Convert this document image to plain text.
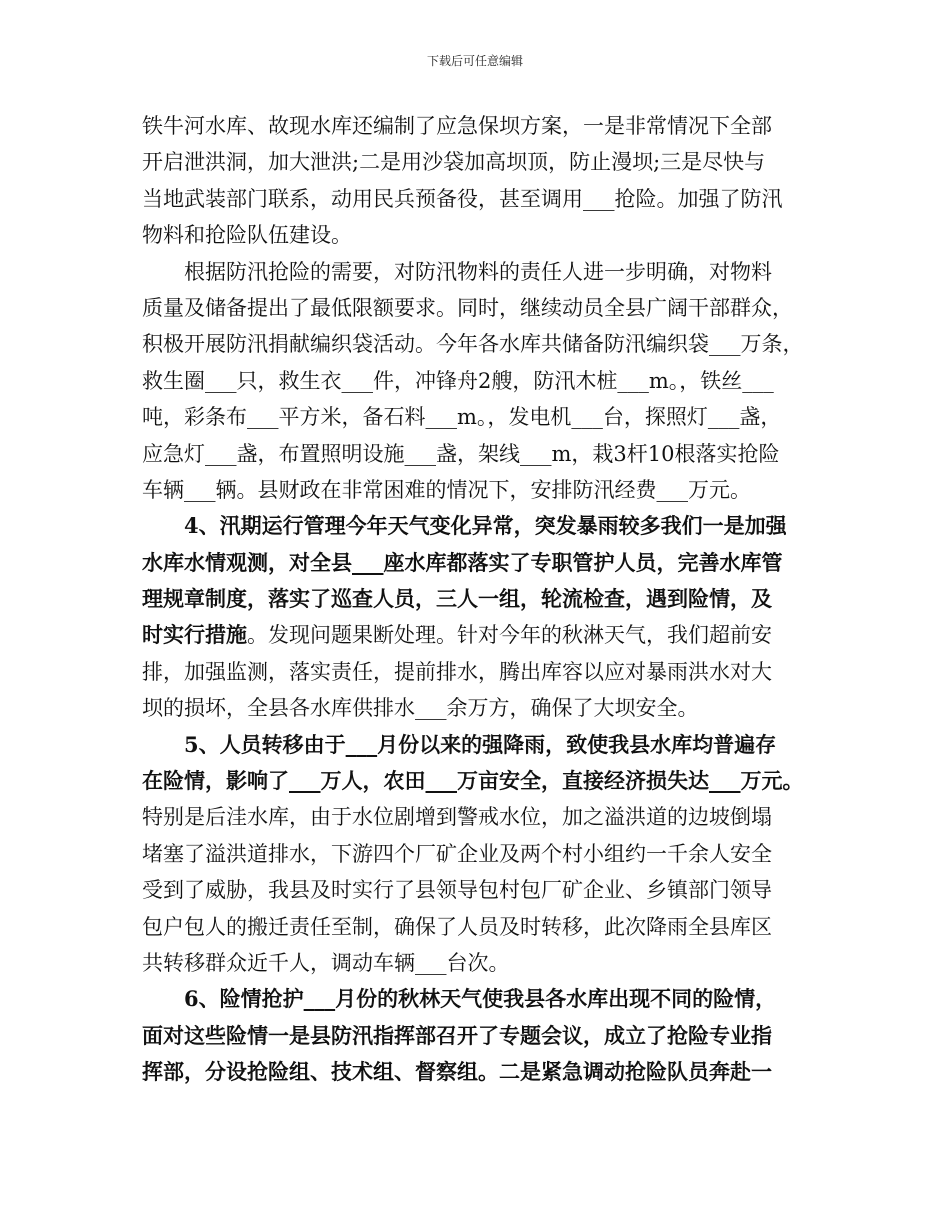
下载后可任意编辑
铁牛河水库、故现水库还编制了应急保坝方案，一是非常情况下全部
开启泄洪洞，加大泄洪;二是用沙袋加高坝顶，防止漫坝;三是尽快与
当地武装部门联系，动用民兵预备役，甚至调用___抢险。加强了防汛
物料和抢险队伍建设。
　　根据防汛抢险的需要，对防汛物料的责任人进一步明确，对物料
质量及储备提出了最低限额要求。同时，继续动员全县广阔干部群众，
积极开展防汛捐献编织袋活动。今年各水库共储备防汛编织袋___万条，
救生圈___只，救生衣___件，冲锋舟2艘，防汛木桩___m。，铁丝___
吨，彩条布___平方米，备石料___m。，发电机___台，探照灯___盏，
应急灯___盏，布置照明设施___盏，架线___m，栽3杆10根落实抢险
车辆___辆。县财政在非常困难的情况下，安排防汛经费___万元。
　　4、汛期运行管理今年天气变化异常，突发暴雨较多我们一是加强
水库水情观测，对全县___座水库都落实了专职管护人员，完善水库管
理规章制度，落实了巡查人员，三人一组，轮流检查，遇到险情，及
时实行措施。发现问题果断处理。针对今年的秋淋天气，我们超前安
排，加强监测，落实责任，提前排水，腾出库容以应对暴雨洪水对大
坝的损坏，全县各水库供排水___余万方，确保了大坝安全。
　　5、人员转移由于___月份以来的强降雨，致使我县水库均普遍存
在险情，影响了___万人，农田___万亩安全，直接经济损失达___万元。
特别是后洼水库，由于水位剧增到警戒水位，加之溢洪道的边坡倒塌
堵塞了溢洪道排水，下游四个厂矿企业及两个村小组约一千余人安全
受到了威胁，我县及时实行了县领导包村包厂矿企业、乡镇部门领导
包户包人的搬迁责任至制，确保了人员及时转移，此次降雨全县库区
共转移群众近千人，调动车辆___台次。
　　6、险情抢护___月份的秋林天气使我县各水库出现不同的险情，
面对这些险情一是县防汛指挥部召开了专题会议，成立了抢险专业指
挥部，分设抢险组、技术组、督察组。二是紧急调动抢险队员奔赴一
